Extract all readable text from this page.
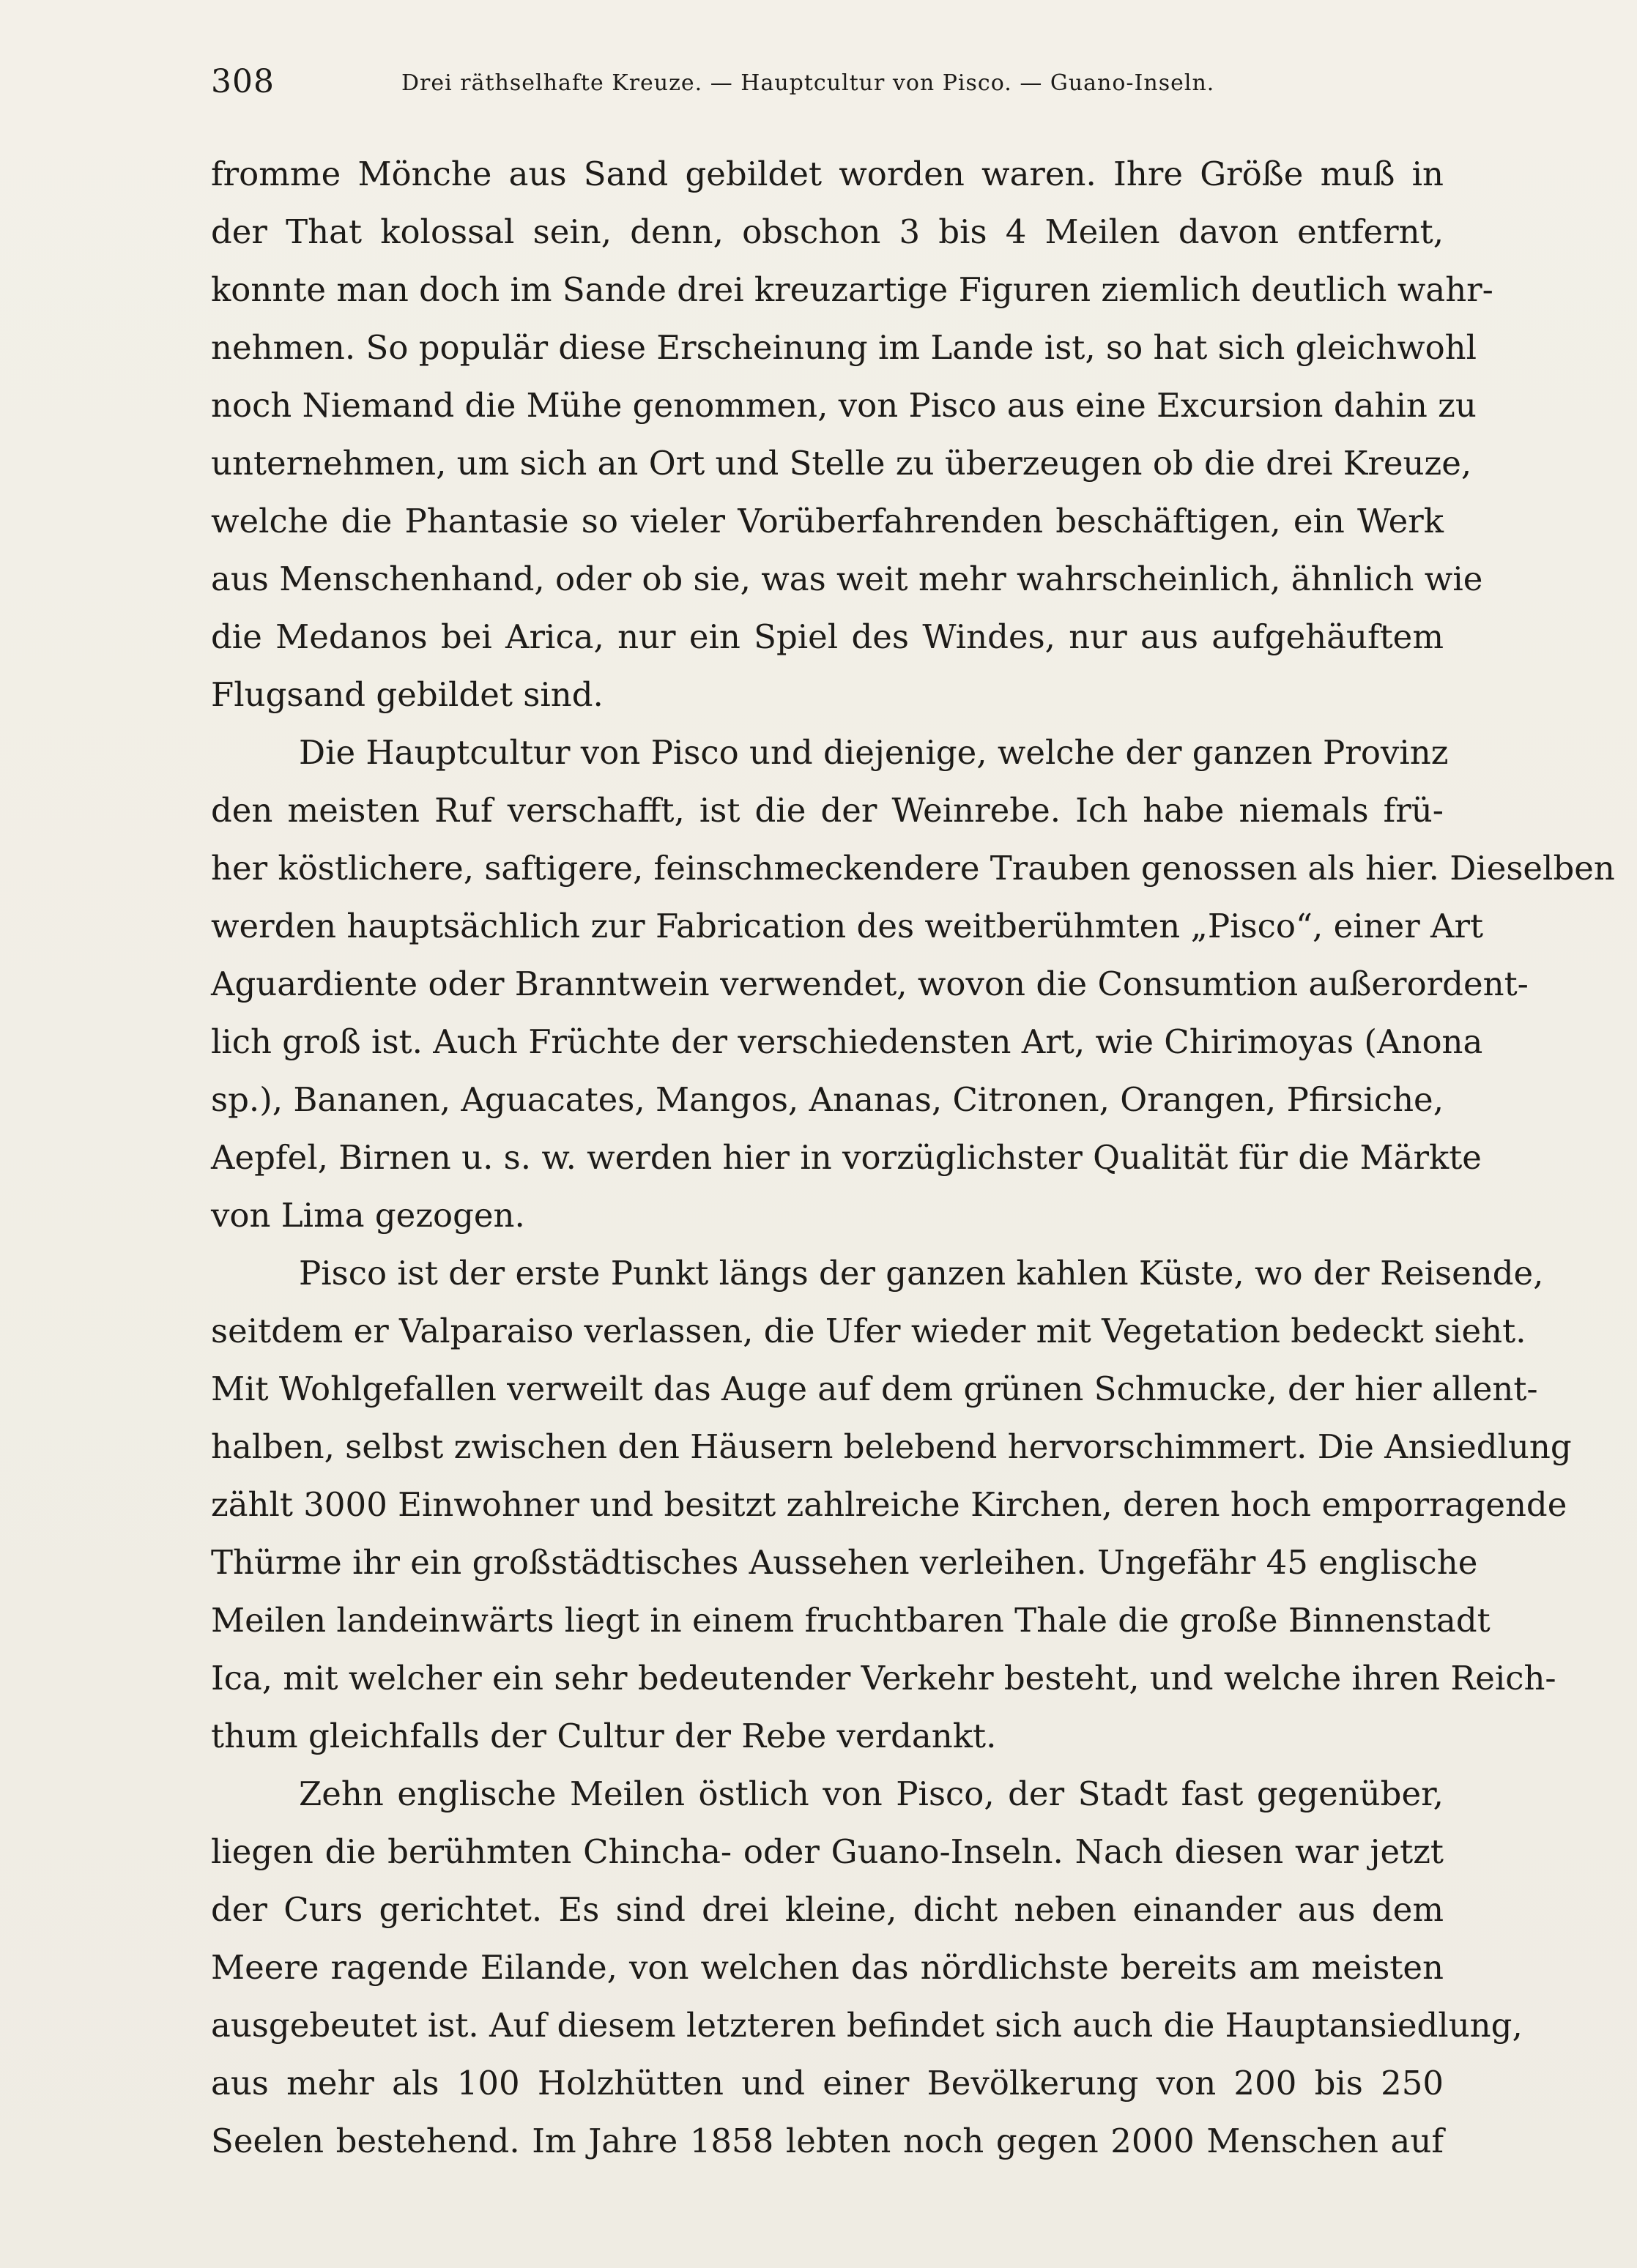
308	Drei räthselhafte Kreuze. — Hauptcultur von Pisco. — Guano-Inseln.
fromme Mönche aus Sand gebildet worden waren. Ihre Größe muß in
der That kolossal sein, denn, obschon 3 bis 4 Meilen davon entfernt,
konnte man doch im Sande drei kreuzartige Figuren ziemlich deutlich wahr-
nehmen. So populär diese Erscheinung im Lande ist, so hat sich gleichwohl
noch Niemand die Mühe genommen, von Pisco aus eine Excursion dahin zu
unternehmen, um sich an Ort und Stelle zu überzeugen ob die drei Kreuze,
welche die Phantasie so vieler Vorüberfahrenden beschäftigen, ein Werk
aus Menschenhand, oder ob sie, was weit mehr wahrscheinlich, ähnlich wie
die Medanos bei Arica, nur ein Spiel des Windes, nur aus aufgehäuftem
Flugsand gebildet sind.
Die Hauptcultur von Pisco und diejenige, welche der ganzen Provinz
den meisten Ruf verschafft, ist die der Weinrebe. Ich habe niemals frü-
her köstlichere, saftigere, feinschmeckendere Trauben genossen als hier. Dieselben
werden hauptsächlich zur Fabrication des weitberühmten „Pisco“, einer Art
Aguardiente oder Branntwein verwendet, wovon die Consumtion außerordent-
lich groß ist. Auch Früchte der verschiedensten Art, wie Chirimoyas (Anona
sp.), Bananen, Aguacates, Mangos, Ananas, Citronen, Orangen, Pfirsiche,
Aepfel, Birnen u. s. w. werden hier in vorzüglichster Qualität für die Märkte
von Lima gezogen.
Pisco ist der erste Punkt längs der ganzen kahlen Küste, wo der Reisende,
seitdem er Valparaiso verlassen, die Ufer wieder mit Vegetation bedeckt sieht.
Mit Wohlgefallen verweilt das Auge auf dem grünen Schmucke, der hier allent-
halben, selbst zwischen den Häusern belebend hervorschimmert. Die Ansiedlung
zählt 3000 Einwohner und besitzt zahlreiche Kirchen, deren hoch emporragende
Thürme ihr ein großstädtisches Aussehen verleihen. Ungefähr 45 englische
Meilen landeinwärts liegt in einem fruchtbaren Thale die große Binnenstadt
Ica, mit welcher ein sehr bedeutender Verkehr besteht, und welche ihren Reich-
thum gleichfalls der Cultur der Rebe verdankt.
Zehn englische Meilen östlich von Pisco, der Stadt fast gegenüber,
liegen die berühmten Chincha- oder Guano-Inseln. Nach diesen war jetzt
der Curs gerichtet. Es sind drei kleine, dicht neben einander aus dem
Meere ragende Eilande, von welchen das nördlichste bereits am meisten
ausgebeutet ist. Auf diesem letzteren befindet sich auch die Hauptansiedlung,
aus mehr als 100 Holzhütten und einer Bevölkerung von 200 bis 250
Seelen bestehend. Im Jahre 1858 lebten noch gegen 2000 Menschen auf
